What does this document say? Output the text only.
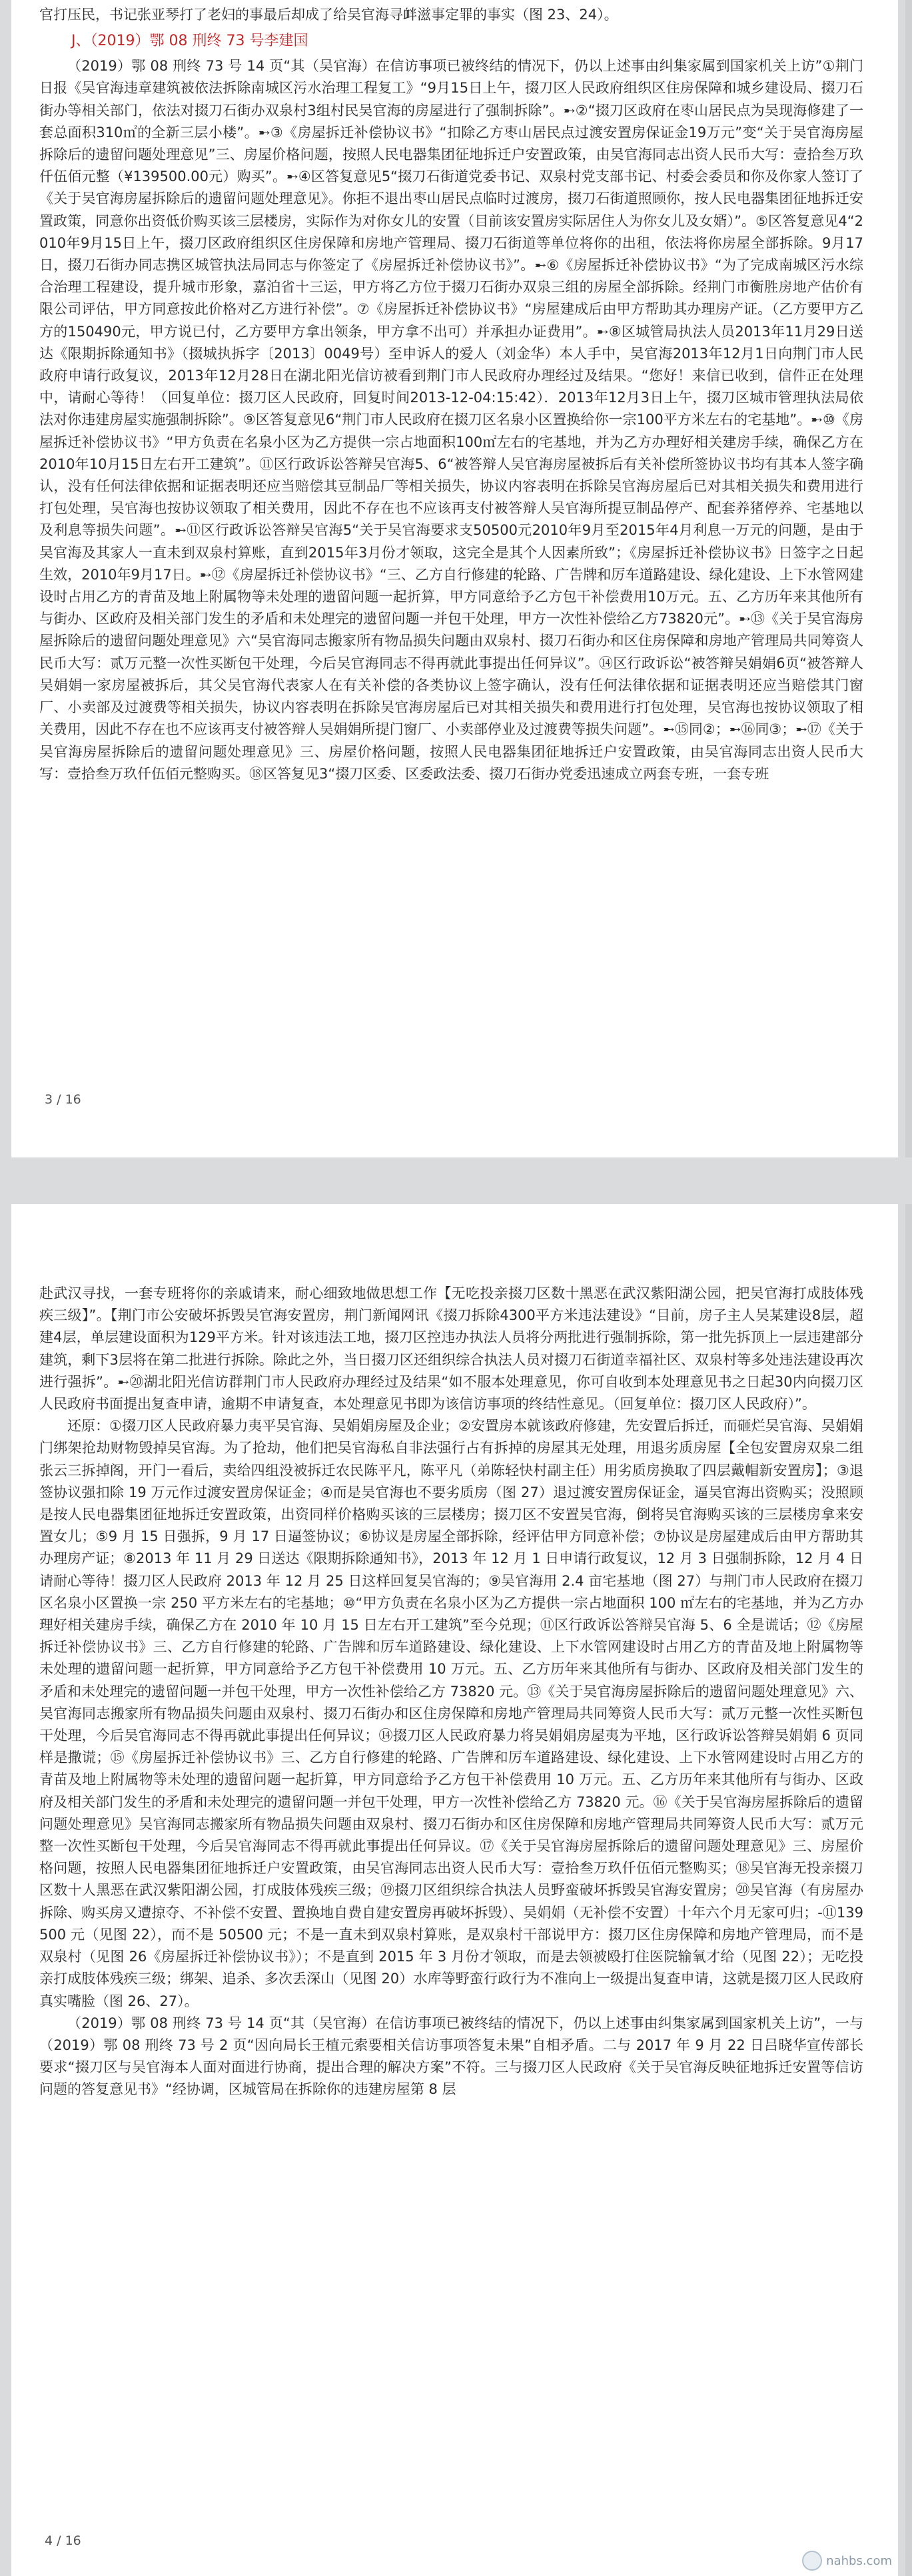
官打压民，书记张亚琴打了老妇的事最后却成了给吴官海寻衅滋事定罪的事实（图 23、24）。

J、（2019）鄂 08 刑终 73 号李建国

（2019）鄂 08 刑终 73 号 14 页“其（吴官海）在信访事项已被终结的情况下，仍以上述事由纠集家属到国家机关上访”①荆门日报《吴官海违章建筑被依法拆除南城区污水治理工程复工》“9月15日上午，掇刀区人民政府组织区住房保障和城乡建设局、掇刀石街办等相关部门，依法对掇刀石街办双泉村3组村民吴官海的房屋进行了强制拆除”。➸②“掇刀区政府在枣山居民点为吴现海修建了一套总面积310㎡的全新三层小楼”。➸③《房屋拆迁补偿协议书》“扣除乙方枣山居民点过渡安置房保证金19万元”变“关于吴官海房屋拆除后的遗留问题处理意见”三、房屋价格问题，按照人民电器集团征地拆迁户安置政策，由吴官海同志出资人民币大写：壹拾叁万玖仟伍佰元整（¥139500.00元）购买”。➸④区答复意见5“掇刀石街道党委书记、双泉村党支部书记、村委会委员和你及你家人签订了《关于吴官海房屋拆除后的遗留问题处理意见》。你拒不退出枣山居民点临时过渡房，掇刀石街道照顾你，按人民电器集团征地拆迁安置政策，同意你出资低价购买该三层楼房，实际作为对你女儿的安置（目前该安置房实际居住人为你女儿及女婿）”。⑤区答复意见4“2010年9月15日上午，掇刀区政府组织区住房保障和房地产管理局、掇刀石街道等单位将你的出租，依法将你房屋全部拆除。9月17日，掇刀石街办同志携区城管执法局同志与你签定了《房屋拆迁补偿协议书》”。➸⑥《房屋拆迁补偿协议书》“为了完成南城区污水综合治理工程建设，提升城市形象，嘉泊省十三运，甲方将乙方位于掇刀石街办双泉三组的房屋全部拆除。经荆门市衡胜房地产估价有限公司评估，甲方同意按此价格对乙方进行补偿”。⑦《房屋拆迁补偿协议书》“房屋建成后由甲方帮助其办理房产证。（乙方要甲方乙方的150490元，甲方说已付，乙方要甲方拿出领条，甲方拿不出可）并承担办证费用”。➸⑧区城管局执法人员2013年11月29日送达《限期拆除通知书》（掇城执拆字〔2013〕0049号）至申诉人的爱人（刘金华）本人手中，吴官海2013年12月1日向荆门市人民政府申请行政复议，2013年12月28日在湖北阳光信访被看到荆门市人民政府办理经过及结果。“您好！来信已收到，信件正在处理中，请耐心等待！（回复单位：掇刀区人民政府，回复时间2013-12-04:15:42）．2013年12月3日上午，掇刀区城市管理执法局依法对你违建房屋实施强制拆除”。⑨区答复意见6“荆门市人民政府在掇刀区名泉小区置换给你一宗100平方米左右的宅基地”。➸⑩《房屋拆迁补偿协议书》“甲方负责在名泉小区为乙方提供一宗占地面积100㎡左右的宅基地，并为乙方办理好相关建房手续，确保乙方在2010年10月15日左右开工建筑”。⑪区行政诉讼答辩吴官海5、6“被答辩人吴官海房屋被拆后有关补偿所签协议书均有其本人签字确认，没有任何法律依据和证据表明还应当赔偿其豆制品厂等相关损失，协议内容表明在拆除吴官海房屋后已对其相关损失和费用进行打包处理，吴官海也按协议领取了相关费用，因此不存在也不应该再支付被答辩人吴官海所提豆制品停产、配套养猪停养、宅基地以及利息等损失问题”。➸⑪区行政诉讼答辩吴官海5“关于吴官海要求支50500元2010年9月至2015年4月利息一万元的问题，是由于吴官海及其家人一直未到双泉村算账，直到2015年3月份才领取，这完全是其个人因素所致”；《房屋拆迁补偿协议书》日签字之日起生效，2010年9月17日。➸⑫《房屋拆迁补偿协议书》“三、乙方自行修建的轮路、广告牌和厉车道路建设、绿化建设、上下水管网建设时占用乙方的青苗及地上附属物等未处理的遗留问题一起折算，甲方同意给予乙方包干补偿费用10万元。五、乙方历年来其他所有与街办、区政府及相关部门发生的矛盾和未处理完的遗留问题一并包干处理，甲方一次性补偿给乙方73820元”。➸⑬《关于吴官海房屋拆除后的遗留问题处理意见》六“吴官海同志搬家所有物品损失问题由双泉村、掇刀石街办和区住房保障和房地产管理局共同筹资人民币大写：贰万元整一次性买断包干处理，今后吴官海同志不得再就此事提出任何异议”。⑭区行政诉讼“被答辩吴娟娟6页“被答辩人吴娟娟一家房屋被拆后，其父吴官海代表家人在有关补偿的各类协议上签字确认，没有任何法律依据和证据表明还应当赔偿其门窗厂、小卖部及过渡费等相关损失，协议内容表明在拆除吴官海房屋后已对其相关损失和费用进行打包处理，吴官海也按协议领取了相关费用，因此不存在也不应该再支付被答辩人吴娟娟所提门窗厂、小卖部停业及过渡费等损失问题”。➸⑮同②；➸⑯同③；➸⑰《关于吴官海房屋拆除后的遗留问题处理意见》三、房屋价格问题，按照人民电器集团征地拆迁户安置政策，由吴官海同志出资人民币大写：壹拾叁万玖仟伍佰元整购买。⑱区答复见3“掇刀区委、区委政法委、掇刀石街办党委迅速成立两套专班，一套专班

3 / 16

赴武汉寻找，一套专班将你的亲戚请来，耐心细致地做思想工作【无吃投亲掇刀区数十黑恶在武汉紫阳湖公园，把吴官海打成肢体残疾三级】”。【荆门市公安破坏拆毁吴官海安置房，荆门新闻网讯《掇刀拆除4300平方米违法建设》“目前，房子主人吴某建设8层，超建4层，单层建设面积为129平方米。针对该违法工地，掇刀区控违办执法人员将分两批进行强制拆除，第一批先拆顶上一层违建部分建筑，剩下3层将在第二批进行拆除。除此之外，当日掇刀区还组织综合执法人员对掇刀石街道幸福社区、双泉村等多处违法建设再次进行强拆”。➸⑳湖北阳光信访群荆门市人民政府办理经过及结果“如不服本处理意见，你可自收到本处理意见书之日起30内向掇刀区人民政府书面提出复查申请，逾期不申请复查，本处理意见书即为该信访事项的终结性意见。（回复单位：掇刀区人民政府）”。

还原：①掇刀区人民政府暴力夷平吴官海、吴娟娟房屋及企业；②安置房本就该政府修建，先安置后拆迁，而砸烂吴官海、吴娟娟门绑架抢劫财物毁掉吴官海。为了抢劫，他们把吴官海私自非法强行占有拆掉的房屋其无处理，用退劣质房屋【全包安置房双泉二组张云三拆掉阁，开门一看后，卖给四组没被拆迁农民陈平凡，陈平凡（弟陈轻快村副主任）用劣质房换取了四层戴帽新安置房】；③退签协议强扣除 19 万元作过渡安置房保证金；④而是吴官海也不要劣质房（图 27）退过渡安置房保证金，逼吴官海出资购买；没照顾是按人民电器集团征地拆迁安置政策，出资同样价格购买该的三层楼房；掇刀区不安置吴官海，倒将吴官海购买该的三层楼房拿来安置女儿；⑤9 月 15 日强拆，9 月 17 日逼签协议；⑥协议是房屋全部拆除，经评估甲方同意补偿；⑦协议是房屋建成后由甲方帮助其办理房产证；⑧2013 年 11 月 29 日送达《限期拆除通知书》，2013 年 12 月 1 日申请行政复议，12 月 3 日强制拆除，12 月 4 日请耐心等待！掇刀区人民政府 2013 年 12 月 25 日这样回复吴官海的；⑨吴官海用 2.4 亩宅基地（图 27）与荆门市人民政府在掇刀区名泉小区置换一宗 250 平方米左右的宅基地；⑩“甲方负责在名泉小区为乙方提供一宗占地面积 100 ㎡左右的宅基地，并为乙方办理好相关建房手续，确保乙方在 2010 年 10 月 15 日左右开工建筑”至今兑现；⑪区行政诉讼答辩吴官海 5、6 全是谎话；⑫《房屋拆迁补偿协议书》三、乙方自行修建的轮路、广告牌和厉车道路建设、绿化建设、上下水管网建设时占用乙方的青苗及地上附属物等未处理的遗留问题一起折算，甲方同意给予乙方包干补偿费用 10 万元。五、乙方历年来其他所有与街办、区政府及相关部门发生的矛盾和未处理完的遗留问题一并包干处理，甲方一次性补偿给乙方 73820 元。⑬《关于吴官海房屋拆除后的遗留问题处理意见》六、吴官海同志搬家所有物品损失问题由双泉村、掇刀石街办和区住房保障和房地产管理局共同筹资人民币大写：贰万元整一次性买断包干处理，今后吴官海同志不得再就此事提出任何异议；⑭掇刀区人民政府暴力将吴娟娟房屋夷为平地，区行政诉讼答辩吴娟娟 6 页同样是撒谎；⑮《房屋拆迁补偿协议书》三、乙方自行修建的轮路、广告牌和厉车道路建设、绿化建设、上下水管网建设时占用乙方的青苗及地上附属物等未处理的遗留问题一起折算，甲方同意给予乙方包干补偿费用 10 万元。五、乙方历年来其他所有与街办、区政府及相关部门发生的矛盾和未处理完的遗留问题一并包干处理，甲方一次性补偿给乙方 73820 元。⑯《关于吴官海房屋拆除后的遗留问题处理意见》吴官海同志搬家所有物品损失问题由双泉村、掇刀石街办和区住房保障和房地产管理局共同筹资人民币大写：贰万元整一次性买断包干处理，今后吴官海同志不得再就此事提出任何异议。⑰《关于吴官海房屋拆除后的遗留问题处理意见》三、房屋价格问题，按照人民电器集团征地拆迁户安置政策，由吴官海同志出资人民币大写：壹拾叁万玖仟伍佰元整购买；⑱吴官海无投亲掇刀区数十人黑恶在武汉紫阳湖公园，打成肢体残疾三级；⑲掇刀区组织综合执法人员野蛮破坏拆毁吴官海安置房；⑳吴官海（有房屋办拆除、购买房又遭掠夺、不补偿不安置、置换地自费自建安置房再破坏拆毁）、吴娟娟（无补偿不安置）十年六个月无家可归；-⑪139500 元（见图 22），而不是 50500 元；不是一直未到双泉村算账，是双泉村干部说甲方：掇刀区住房保障和房地产管理局，而不是双泉村（见图 26《房屋拆迁补偿协议书》）；不是直到 2015 年 3 月份才领取，而是去领被殴打住医院输氧才给（见图 22）；无吃投亲打成肢体残疾三级；绑架、追杀、多次丢深山（见图 20）水库等野蛮行政行为不准向上一级提出复查申请，这就是掇刀区人民政府真实嘴脸（图 26、27）。

（2019）鄂 08 刑终 73 号 14 页“其（吴官海）在信访事项已被终结的情况下，仍以上述事由纠集家属到国家机关上访”，一与（2019）鄂 08 刑终 73 号 2 页“因向局长王植元索要相关信访事项答复未果”自相矛盾。二与 2017 年 9 月 22 日吕晓华宣传部长要求“掇刀区与吴官海本人面对面进行协商，提出合理的解决方案”不符。三与掇刀区人民政府《关于吴官海反映征地拆迁安置等信访问题的答复意见书》“经协调，区城管局在拆除你的违建房屋第 8 层

4 / 16
nahbs.com
